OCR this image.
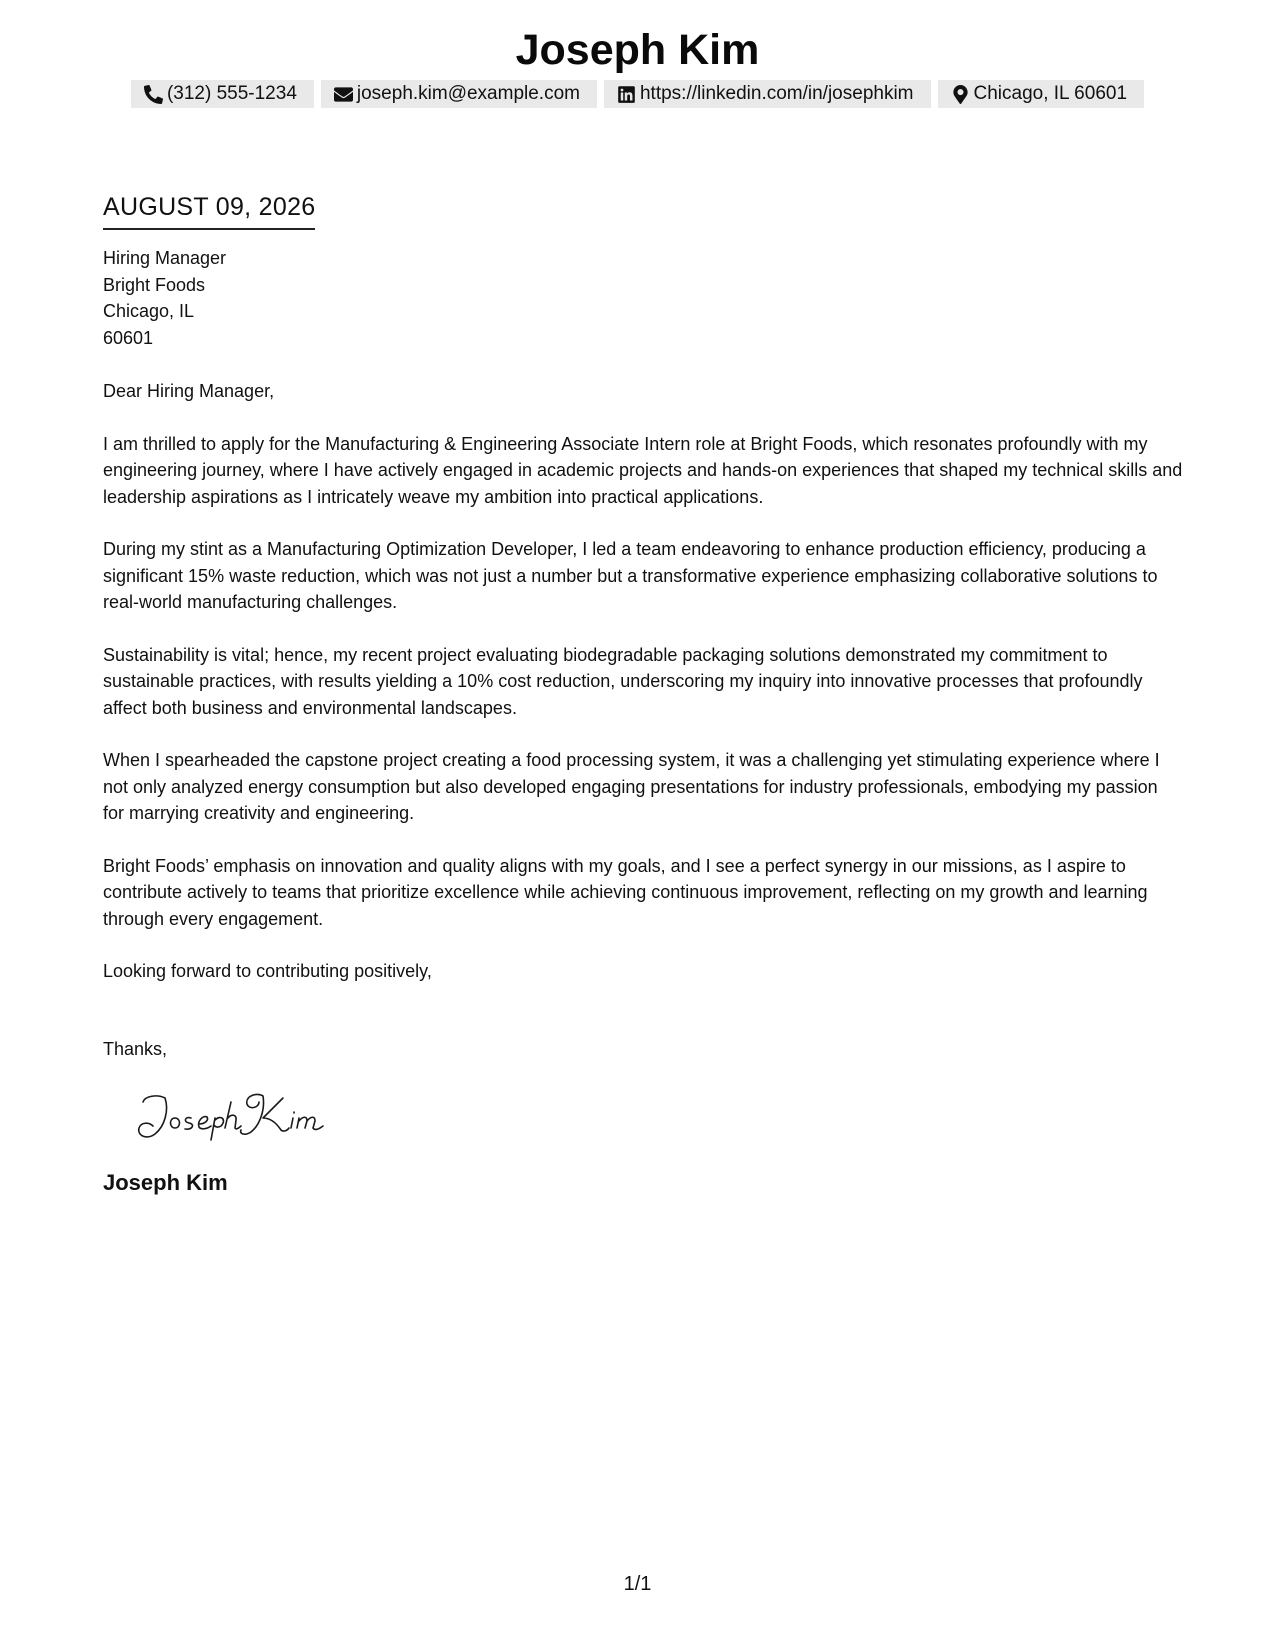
Joseph Kim
(312) 555-1234	joseph.kim@example.com	https://linkedin.com/in/josephkim	Chicago, IL 60601
AUGUST 09, 2026
Hiring Manager
Bright Foods
Chicago, IL
60601
Dear Hiring Manager,

I am thrilled to apply for the Manufacturing & Engineering Associate Intern role at Bright Foods, which resonates profoundly with my engineering journey, where I have actively engaged in academic projects and hands-on experiences that shaped my technical skills and leadership aspirations as I intricately weave my ambition into practical applications.

During my stint as a Manufacturing Optimization Developer, I led a team endeavoring to enhance production efficiency, producing a significant 15% waste reduction, which was not just a number but a transformative experience emphasizing collaborative solutions to real-world manufacturing challenges.

Sustainability is vital; hence, my recent project evaluating biodegradable packaging solutions demonstrated my commitment to sustainable practices, with results yielding a 10% cost reduction, underscoring my inquiry into innovative processes that profoundly affect both business and environmental landscapes.

When I spearheaded the capstone project creating a food processing system, it was a challenging yet stimulating experience where I not only analyzed energy consumption but also developed engaging presentations for industry professionals, embodying my passion for marrying creativity and engineering.

Bright Foods’ emphasis on innovation and quality aligns with my goals, and I see a perfect synergy in our missions, as I aspire to contribute actively to teams that prioritize excellence while achieving continuous improvement, reflecting on my growth and learning through every engagement.

Looking forward to contributing positively,
Thanks,
Joseph Kim
1/1
